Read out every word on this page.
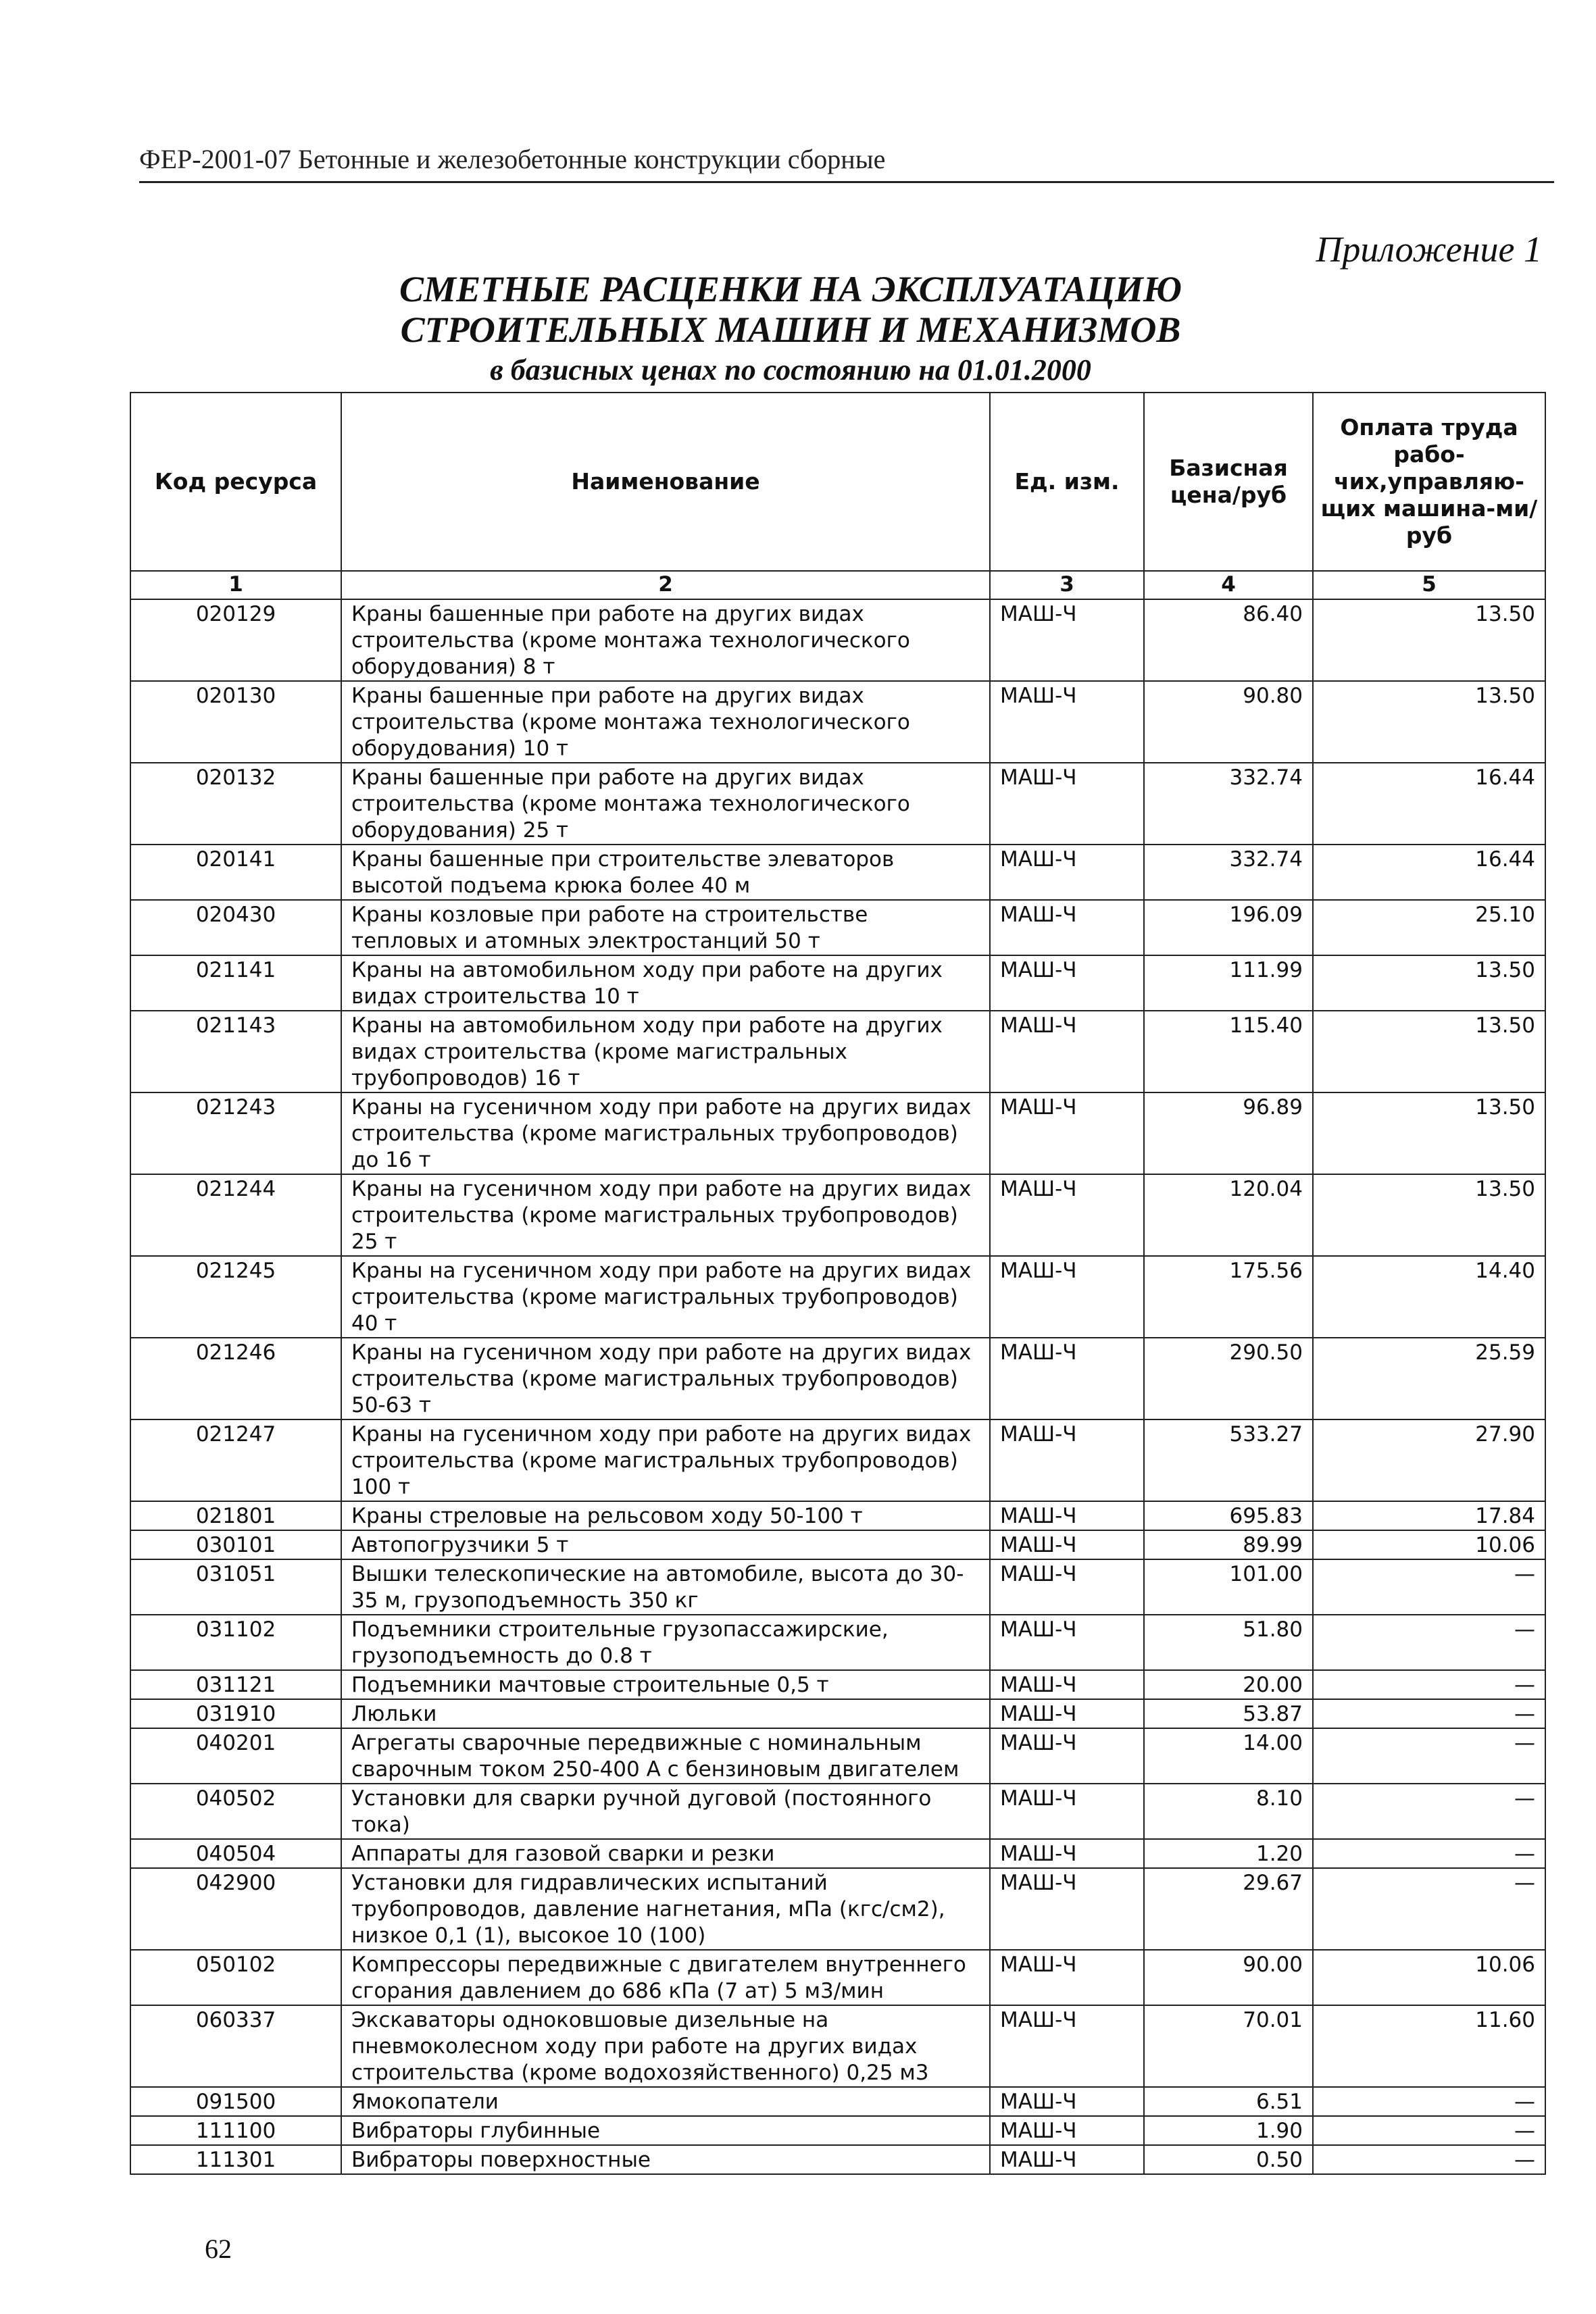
ФЕР-2001-07 Бетонные и железобетонные конструкции сборные
Приложение 1
СМЕТНЫЕ РАСЦЕНКИ НА ЭКСПЛУАТАЦИЮ
СТРОИТЕЛЬНЫХ МАШИН И МЕХАНИЗМОВ
в базисных ценах по состоянию на 01.01.2000
Код ресурса	Наименование	Ед. изм.	Базисная цена/руб	Оплата труда рабо-чих,управляю-щих машина-ми/руб
1	2	3	4	5
020129	Краны башенные при работе на других видах строительства (кроме монтажа технологического оборудования) 8 т	МАШ-Ч	86.40	13.50
020130	Краны башенные при работе на других видах строительства (кроме монтажа технологического оборудования) 10 т	МАШ-Ч	90.80	13.50
020132	Краны башенные при работе на других видах строительства (кроме монтажа технологического оборудования) 25 т	МАШ-Ч	332.74	16.44
020141	Краны башенные при строительстве элеваторов высотой подъема крюка более 40 м	МАШ-Ч	332.74	16.44
020430	Краны козловые при работе на строительстве тепловых и атомных электростанций 50 т	МАШ-Ч	196.09	25.10
021141	Краны на автомобильном ходу при работе на других видах строительства 10 т	МАШ-Ч	111.99	13.50
021143	Краны на автомобильном ходу при работе на других видах строительства (кроме магистральных трубопроводов) 16 т	МАШ-Ч	115.40	13.50
021243	Краны на гусеничном ходу при работе на других видах строительства (кроме магистральных трубопроводов) до 16 т	МАШ-Ч	96.89	13.50
021244	Краны на гусеничном ходу при работе на других видах строительства (кроме магистральных трубопроводов) 25 т	МАШ-Ч	120.04	13.50
021245	Краны на гусеничном ходу при работе на других видах строительства (кроме магистральных трубопроводов) 40 т	МАШ-Ч	175.56	14.40
021246	Краны на гусеничном ходу при работе на других видах строительства (кроме магистральных трубопроводов) 50-63 т	МАШ-Ч	290.50	25.59
021247	Краны на гусеничном ходу при работе на других видах строительства (кроме магистральных трубопроводов) 100 т	МАШ-Ч	533.27	27.90
021801	Краны стреловые на рельсовом ходу 50-100 т	МАШ-Ч	695.83	17.84
030101	Автопогрузчики 5 т	МАШ-Ч	89.99	10.06
031051	Вышки телескопические на автомобиле, высота до 30-35 м, грузоподъемность 350 кг	МАШ-Ч	101.00	—
031102	Подъемники строительные грузопассажирские, грузоподъемность до 0.8 т	МАШ-Ч	51.80	—
031121	Подъемники мачтовые строительные 0,5 т	МАШ-Ч	20.00	—
031910	Люльки	МАШ-Ч	53.87	—
040201	Агрегаты сварочные передвижные с номинальным сварочным током 250-400 А с бензиновым двигателем	МАШ-Ч	14.00	—
040502	Установки для сварки ручной дуговой (постоянного тока)	МАШ-Ч	8.10	—
040504	Аппараты для газовой сварки и резки	МАШ-Ч	1.20	—
042900	Установки для гидравлических испытаний трубопроводов, давление нагнетания, мПа (кгс/см2), низкое 0,1 (1), высокое 10 (100)	МАШ-Ч	29.67	—
050102	Компрессоры передвижные с двигателем внутреннего сгорания давлением до 686 кПа (7 ат) 5 м3/мин	МАШ-Ч	90.00	10.06
060337	Экскаваторы одноковшовые дизельные на пневмоколесном ходу при работе на других видах строительства (кроме водохозяйственного) 0,25 м3	МАШ-Ч	70.01	11.60
091500	Ямокопатели	МАШ-Ч	6.51	—
111100	Вибраторы глубинные	МАШ-Ч	1.90	—
111301	Вибраторы поверхностные	МАШ-Ч	0.50	—
62
